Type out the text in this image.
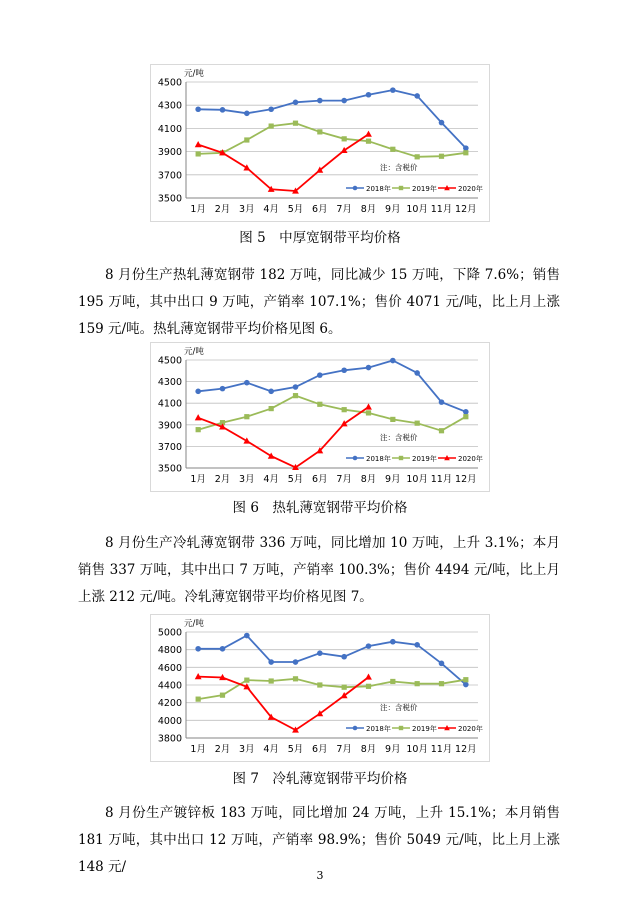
3500
3700
3900
4100
4300
4500
元/吨
1月 2月 3月 4月 5月 6月 7月 8月 9月 10月 11月 12月
注：含税价
2018年	2019年	2020年
图 5　中厚宽钢带平均价格

8 月份生产热轧薄宽钢带 182 万吨，同比减少 15 万吨，下降 7.6%；销售 195 万吨，其中出口 9 万吨，产销率 107.1%；售价 4071 元/吨，比上月上涨 159 元/吨。热轧薄宽钢带平均价格见图 6。

3500
3700
3900
4100
4300
4500
元/吨
1月 2月 3月 4月 5月 6月 7月 8月 9月 10月 11月 12月
注：含税价
2018年	2019年	2020年
图 6　热轧薄宽钢带平均价格

8 月份生产冷轧薄宽钢带 336 万吨，同比增加 10 万吨，上升 3.1%；本月销售 337 万吨，其中出口 7 万吨，产销率 100.3%；售价 4494 元/吨，比上月上涨 212 元/吨。冷轧薄宽钢带平均价格见图 7。

3800
4000
4200
4400
4600
4800
5000
元/吨
1月 2月 3月 4月 5月 6月 7月 8月 9月 10月 11月 12月
注：含税价
2018年	2019年	2020年
图 7　冷轧薄宽钢带平均价格

8 月份生产镀锌板 183 万吨，同比增加 24 万吨，上升 15.1%；本月销售 181 万吨，其中出口 12 万吨，产销率 98.9%；售价 5049 元/吨，比上月上涨 148 元/

3
